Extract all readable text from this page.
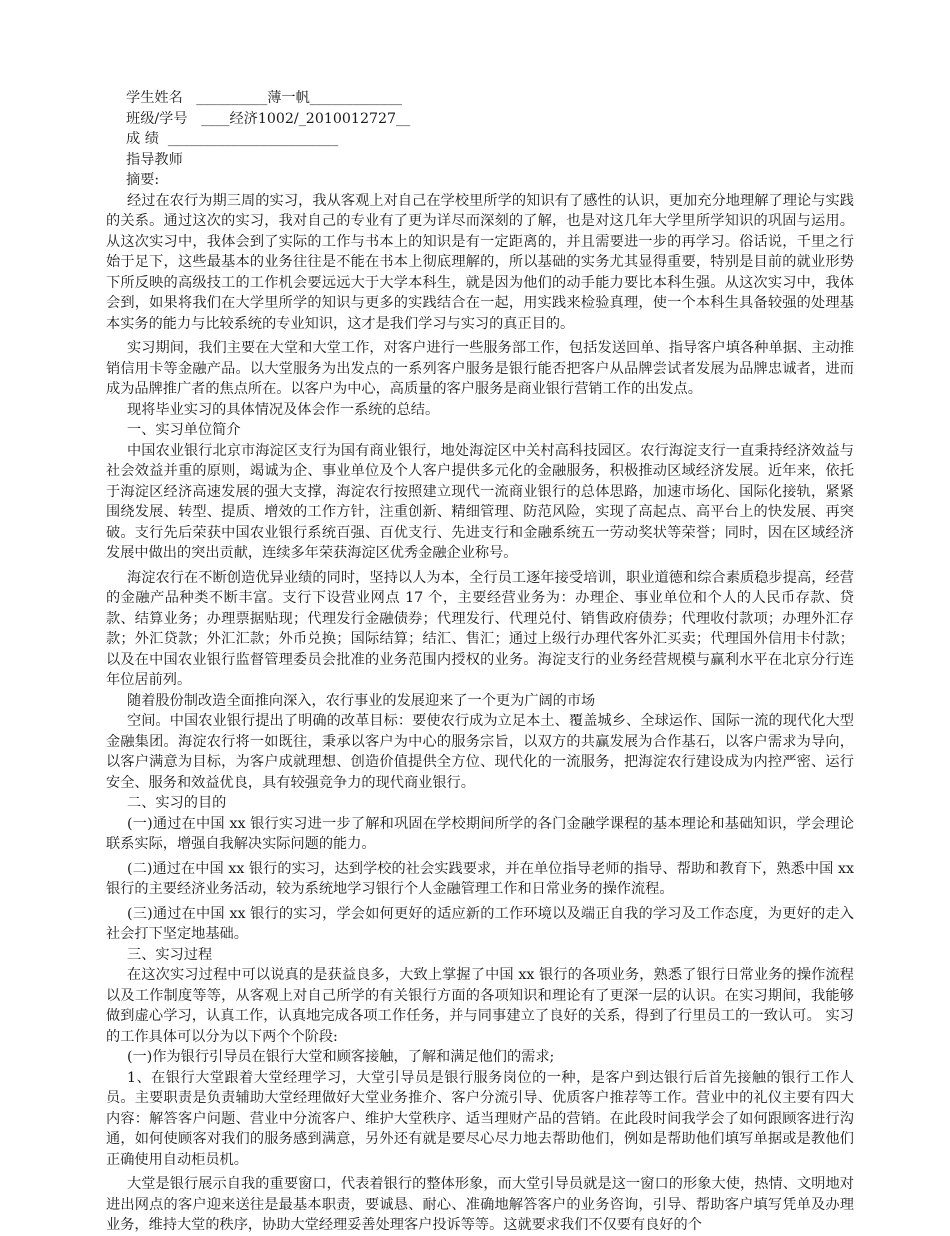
学生姓名 __________薄一帆_____________
班级/学号 ____经济1002/_2010012727__
成 绩 ________________________
指导教师
摘要:

经过在农行为期三周的实习，我从客观上对自己在学校里所学的知识有了感性的认识，更加充分地理解了理论与实践的关系。通过这次的实习，我对自己的专业有了更为详尽而深刻的了解，也是对这几年大学里所学知识的巩固与运用。从这次实习中，我体会到了实际的工作与书本上的知识是有一定距离的，并且需要进一步的再学习。俗话说，千里之行始于足下，这些最基本的业务往往是不能在书本上彻底理解的，所以基础的实务尤其显得重要，特别是目前的就业形势下所反映的高级技工的工作机会要远远大于大学本科生，就是因为他们的动手能力要比本科生强。从这次实习中，我体会到，如果将我们在大学里所学的知识与更多的实践结合在一起，用实践来检验真理，使一个本科生具备较强的处理基本实务的能力与比较系统的专业知识，这才是我们学习与实习的真正目的。

实习期间，我们主要在大堂和大堂工作，对客户进行一些服务部工作，包括发送回单、指导客户填各种单据、主动推销信用卡等金融产品。以大堂服务为出发点的一系列客户服务是银行能否把客户从品牌尝试者发展为品牌忠诚者，进而成为品牌推广者的焦点所在。以客户为中心，高质量的客户服务是商业银行营销工作的出发点。

现将毕业实习的具体情况及体会作一系统的总结。

一、实习单位简介

中国农业银行北京市海淀区支行为国有商业银行，地处海淀区中关村高科技园区。农行海淀支行一直秉持经济效益与社会效益并重的原则，竭诚为企、事业单位及个人客户提供多元化的金融服务，积极推动区域经济发展。近年来，依托于海淀区经济高速发展的强大支撑，海淀农行按照建立现代一流商业银行的总体思路，加速市场化、国际化接轨，紧紧围绕发展、转型、提质、增效的工作方针，注重创新、精细管理、防范风险，实现了高起点、高平台上的快发展、再突破。支行先后荣获中国农业银行系统百强、百优支行、先进支行和金融系统五一劳动奖状等荣誉；同时，因在区域经济发展中做出的突出贡献，连续多年荣获海淀区优秀金融企业称号。

海淀农行在不断创造优异业绩的同时，坚持以人为本，全行员工逐年接受培训，职业道德和综合素质稳步提高，经营的金融产品种类不断丰富。支行下设营业网点 17 个，主要经营业务为：办理企、事业单位和个人的人民币存款、贷款、结算业务；办理票据贴现；代理发行金融债券；代理发行、代理兑付、销售政府债券；代理收付款项；办理外汇存款；外汇贷款；外汇汇款；外币兑换；国际结算；结汇、售汇；通过上级行办理代客外汇买卖；代理国外信用卡付款；以及在中国农业银行监督管理委员会批准的业务范围内授权的业务。海淀支行的业务经营规模与赢利水平在北京分行连年位居前列。

随着股份制改造全面推向深入，农行事业的发展迎来了一个更为广阔的市场

空间。中国农业银行提出了明确的改革目标：要使农行成为立足本土、覆盖城乡、全球运作、国际一流的现代化大型金融集团。海淀农行将一如既往，秉承以客户为中心的服务宗旨，以双方的共赢发展为合作基石，以客户需求为导向，以客户满意为目标，为客户成就理想、创造价值提供全方位、现代化的一流服务，把海淀农行建设成为内控严密、运行安全、服务和效益优良，具有较强竞争力的现代商业银行。

二、实习的目的

(一)通过在中国 xx 银行实习进一步了解和巩固在学校期间所学的各门金融学课程的基本理论和基础知识，学会理论联系实际，增强自我解决实际问题的能力。

(二)通过在中国 xx 银行的实习，达到学校的社会实践要求，并在单位指导老师的指导、帮助和教育下，熟悉中国 xx 银行的主要经济业务活动，较为系统地学习银行个人金融管理工作和日常业务的操作流程。

(三)通过在中国 xx 银行的实习，学会如何更好的适应新的工作环境以及端正自我的学习及工作态度，为更好的走入社会打下坚定地基础。

三、实习过程

在这次实习过程中可以说真的是获益良多，大致上掌握了中国 xx 银行的各项业务，熟悉了银行日常业务的操作流程以及工作制度等等，从客观上对自己所学的有关银行方面的各项知识和理论有了更深一层的认识。在实习期间，我能够做到虚心学习，认真工作，认真地完成各项工作任务，并与同事建立了良好的关系，得到了行里员工的一致认可。 实习的工作具体可以分为以下两个个阶段:

(一)作为银行引导员在银行大堂和顾客接触，了解和满足他们的需求;

1、在银行大堂跟着大堂经理学习，大堂引导员是银行服务岗位的一种，是客户到达银行后首先接触的银行工作人员。主要职责是负责辅助大堂经理做好大堂业务推介、客户分流引导、优质客户推荐等工作。营业中的礼仪主要有四大内容：解答客户问题、营业中分流客户、维护大堂秩序、适当理财产品的营销。在此段时间我学会了如何跟顾客进行沟通，如何使顾客对我们的服务感到满意，另外还有就是要尽心尽力地去帮助他们，例如是帮助他们填写单据或是教他们正确使用自动柜员机。

大堂是银行展示自我的重要窗口，代表着银行的整体形象，而大堂引导员就是这一窗口的形象大使，热情、文明地对进出网点的客户迎来送往是最基本职责，要诚恳、耐心、准确地解答客户的业务咨询，引导、帮助客户填写凭单及办理业务，维持大堂的秩序，协助大堂经理妥善处理客户投诉等等。这就要求我们不仅要有良好的个
